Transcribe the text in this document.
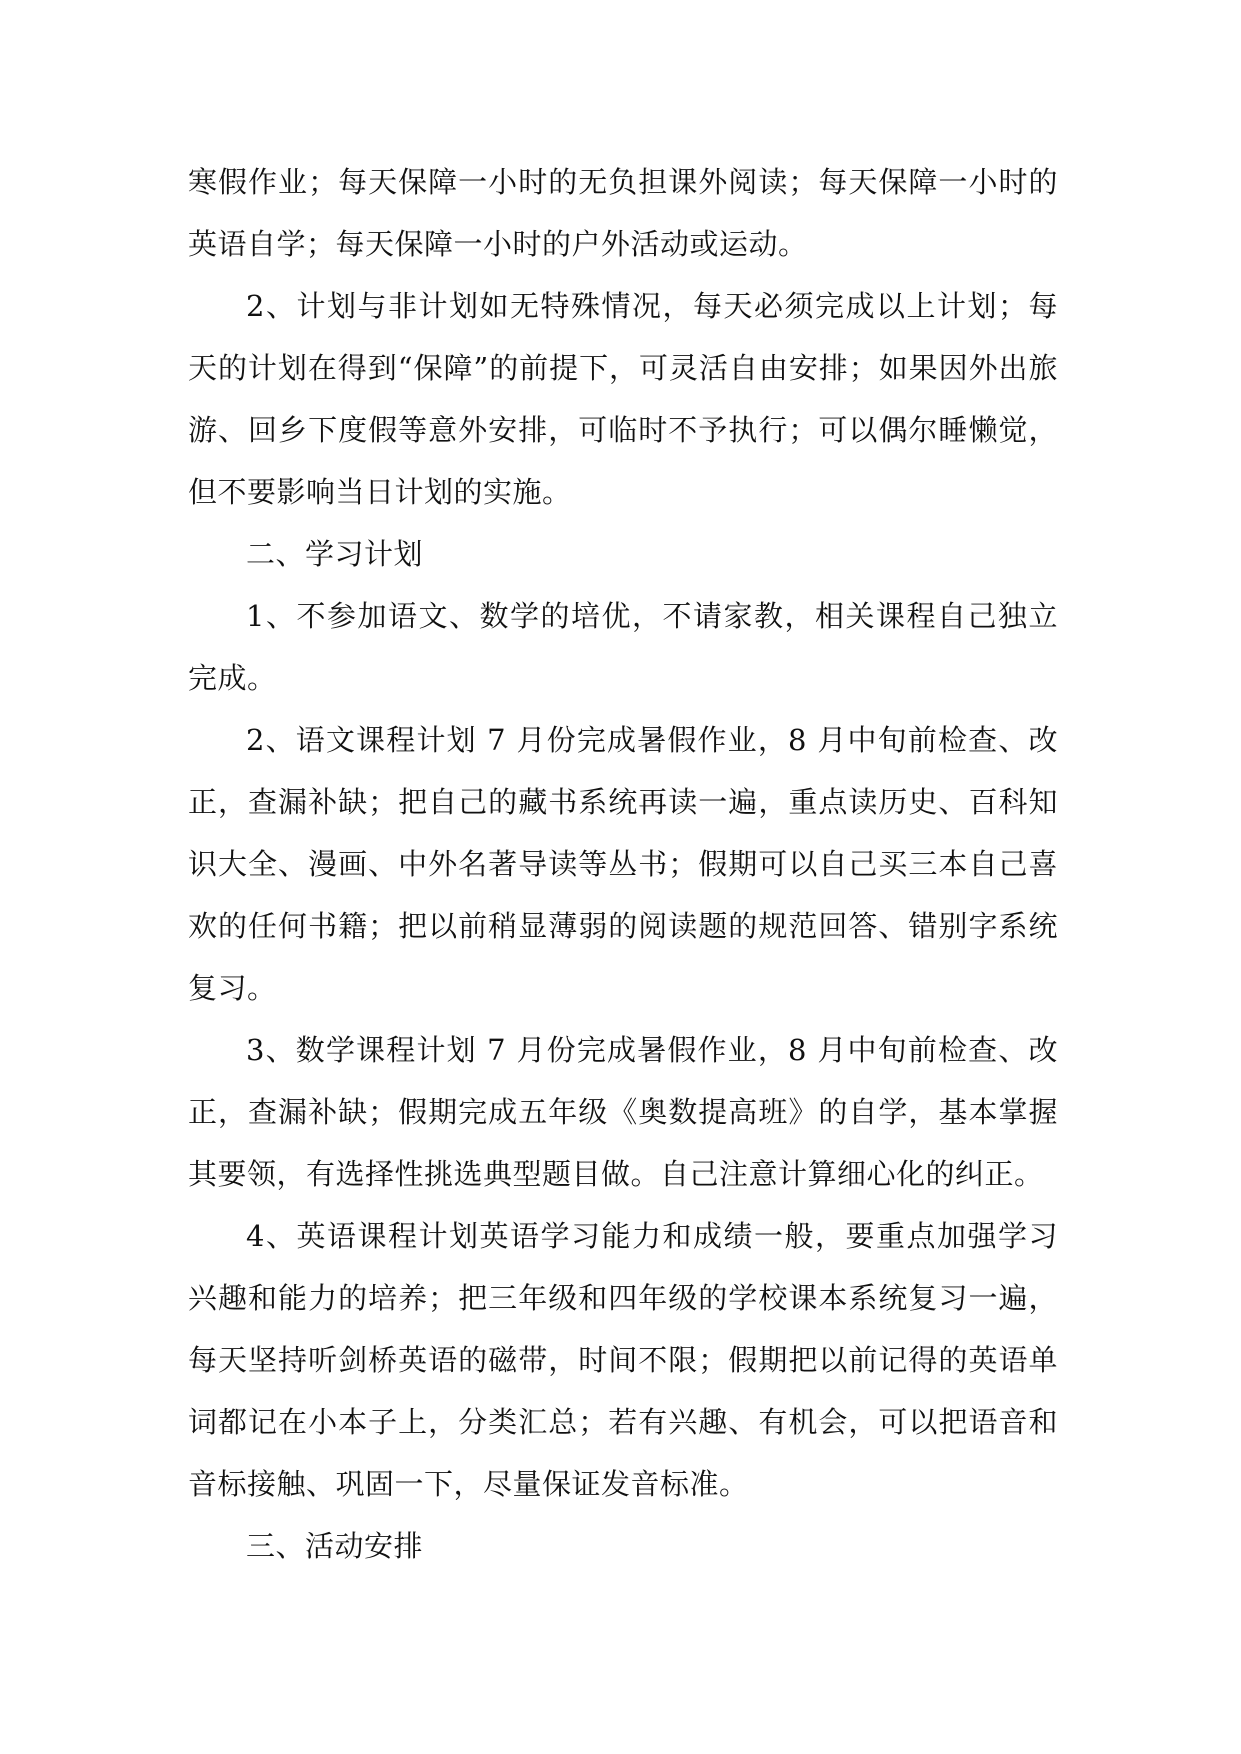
寒假作业；每天保障一小时的无负担课外阅读；每天保障一小时的英语自学；每天保障一小时的户外活动或运动。

2、计划与非计划如无特殊情况，每天必须完成以上计划；每天的计划在得到“保障”的前提下，可灵活自由安排；如果因外出旅游、回乡下度假等意外安排，可临时不予执行；可以偶尔睡懒觉，但不要影响当日计划的实施。

二、学习计划

1、不参加语文、数学的培优，不请家教，相关课程自己独立完成。

2、语文课程计划 7 月份完成暑假作业，8 月中旬前检查、改正，查漏补缺；把自己的藏书系统再读一遍，重点读历史、百科知识大全、漫画、中外名著导读等丛书；假期可以自己买三本自己喜欢的任何书籍；把以前稍显薄弱的阅读题的规范回答、错别字系统复习。

3、数学课程计划 7 月份完成暑假作业，8 月中旬前检查、改正，查漏补缺；假期完成五年级《奥数提高班》的自学，基本掌握其要领，有选择性挑选典型题目做。自己注意计算细心化的纠正。

4、英语课程计划英语学习能力和成绩一般，要重点加强学习兴趣和能力的培养；把三年级和四年级的学校课本系统复习一遍，每天坚持听剑桥英语的磁带，时间不限；假期把以前记得的英语单词都记在小本子上，分类汇总；若有兴趣、有机会，可以把语音和音标接触、巩固一下，尽量保证发音标准。

三、活动安排
